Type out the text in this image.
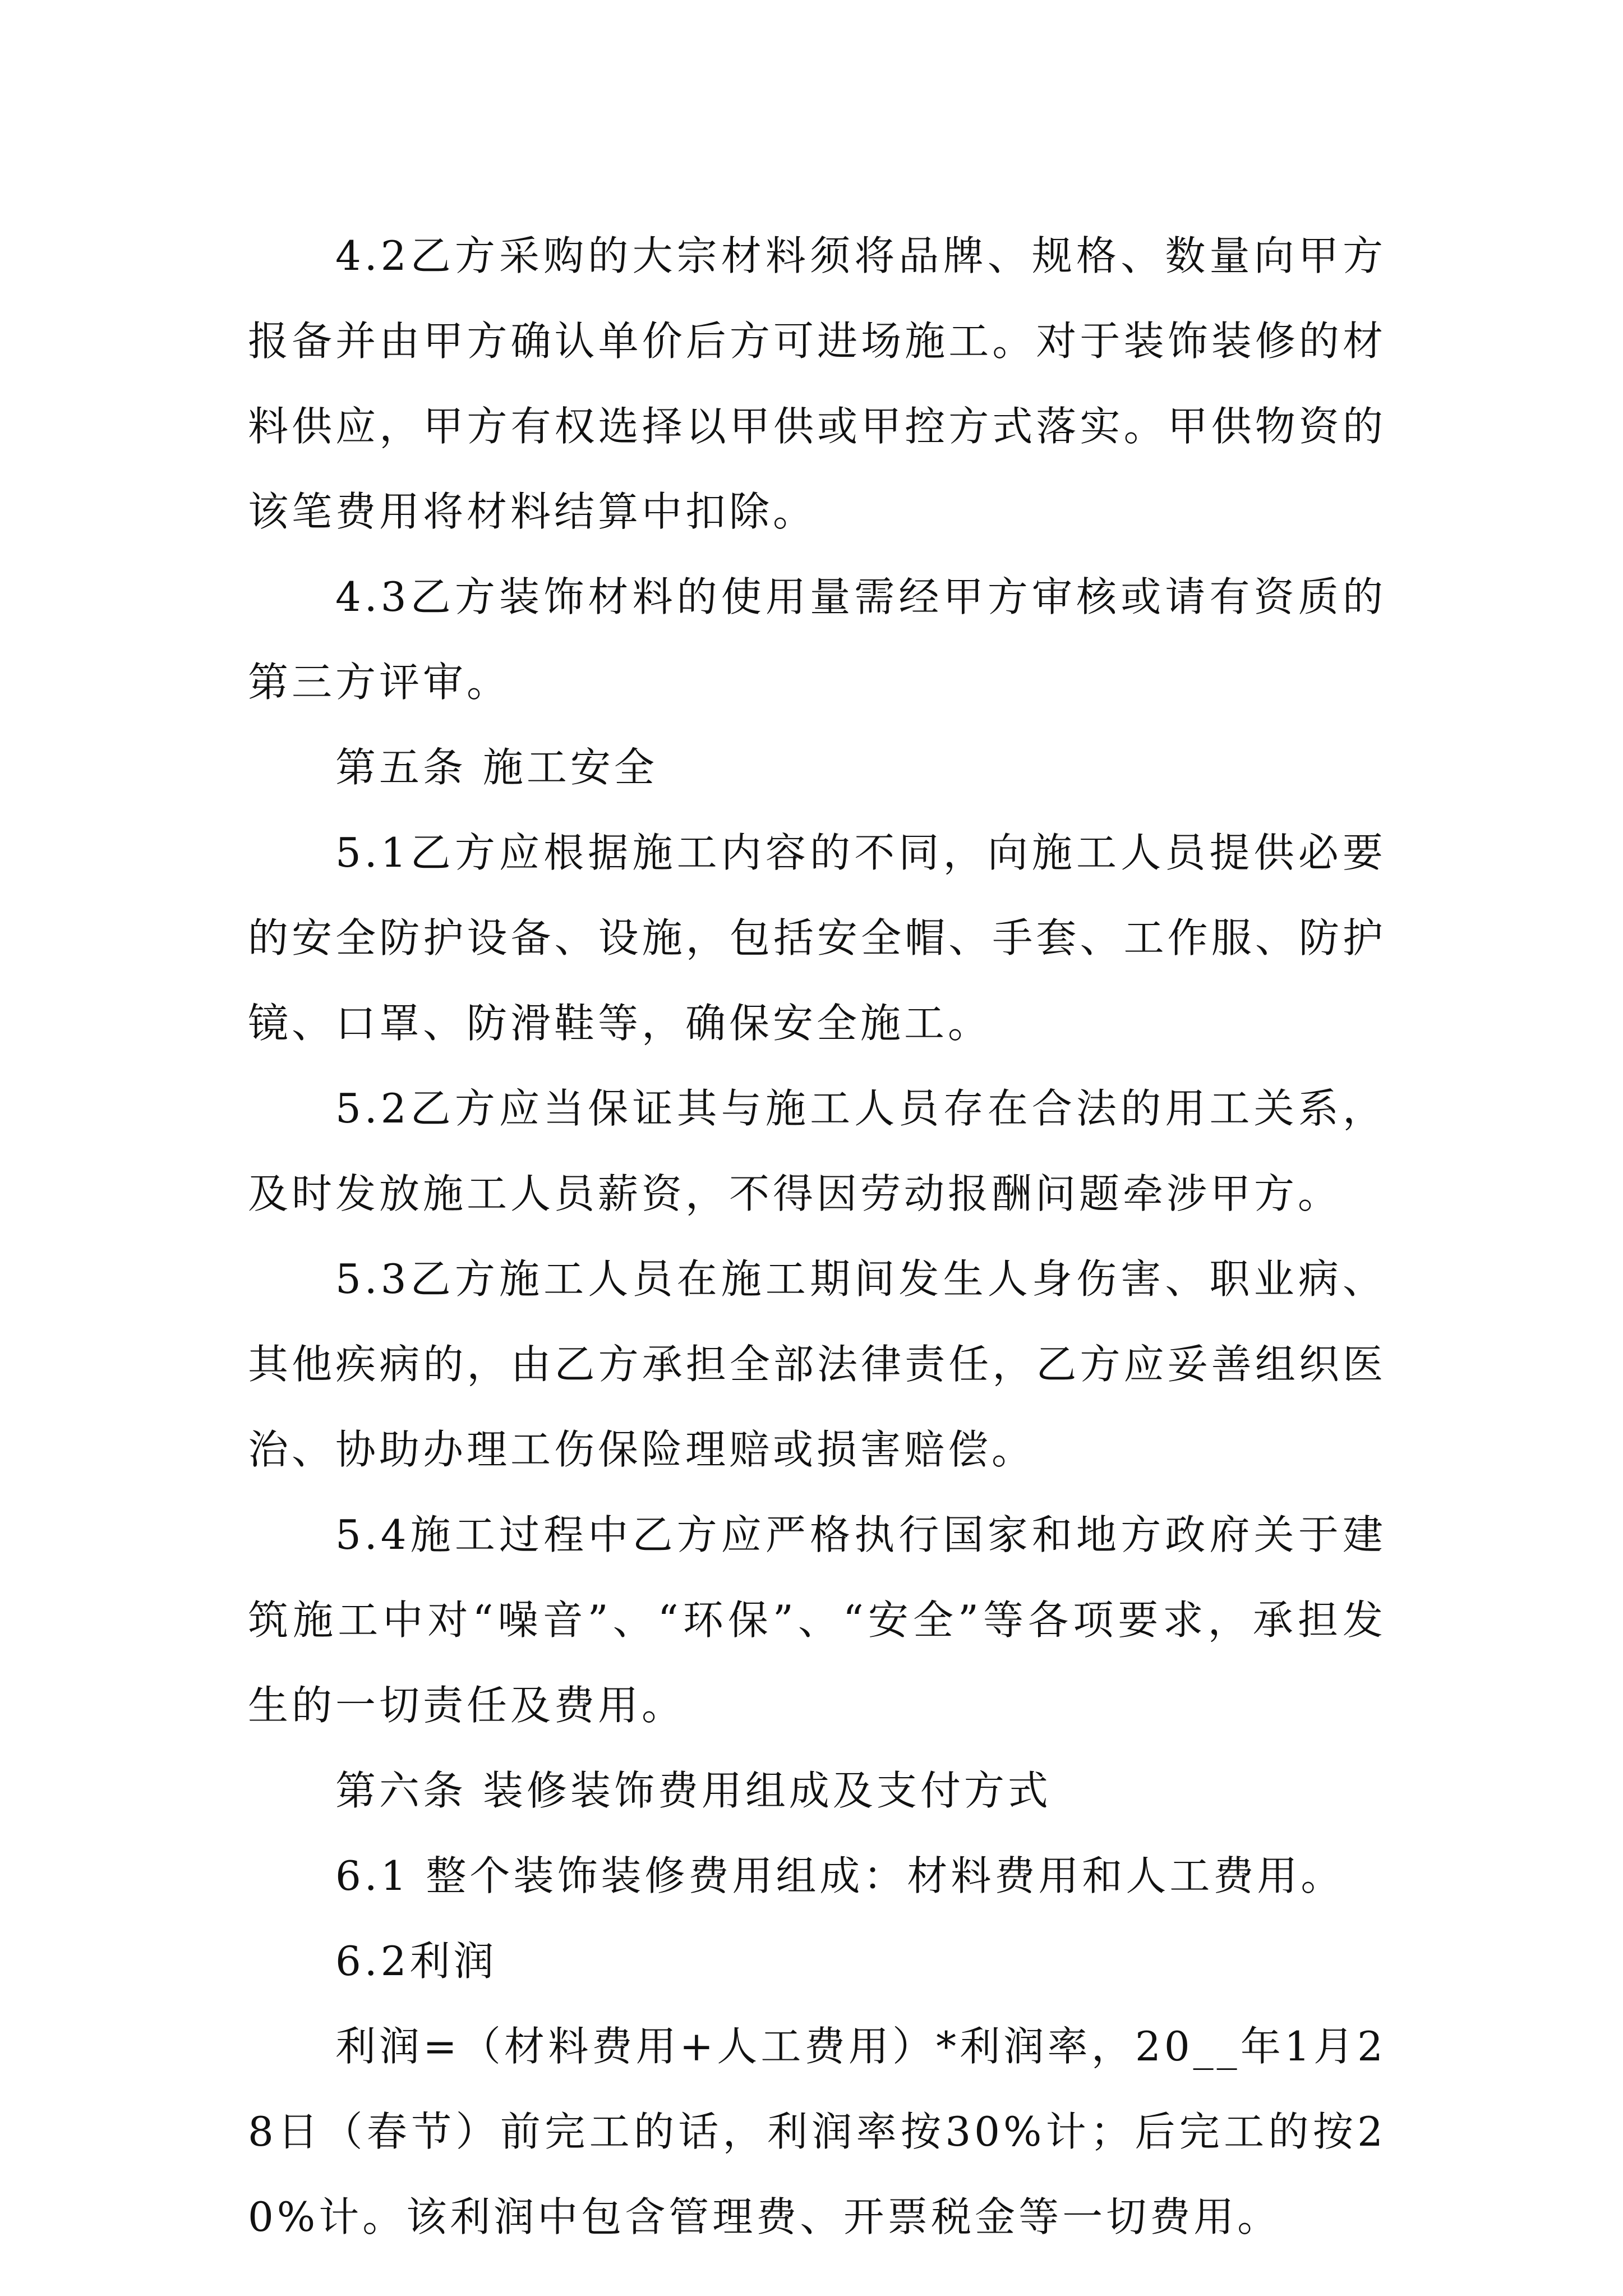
4.2乙方采购的大宗材料须将品牌、规格、数量向甲方报备并由甲方确认单价后方可进场施工。对于装饰装修的材料供应，甲方有权选择以甲供或甲控方式落实。甲供物资的该笔费用将材料结算中扣除。

4.3乙方装饰材料的使用量需经甲方审核或请有资质的第三方评审。

第五条 施工安全

5.1乙方应根据施工内容的不同，向施工人员提供必要的安全防护设备、设施，包括安全帽、手套、工作服、防护镜、口罩、防滑鞋等，确保安全施工。

5.2乙方应当保证其与施工人员存在合法的用工关系，及时发放施工人员薪资，不得因劳动报酬问题牵涉甲方。

5.3乙方施工人员在施工期间发生人身伤害、职业病、其他疾病的，由乙方承担全部法律责任，乙方应妥善组织医治、协助办理工伤保险理赔或损害赔偿。

5.4施工过程中乙方应严格执行国家和地方政府关于建筑施工中对“噪音”、“环保”、“安全”等各项要求，承担发生的一切责任及费用。

第六条 装修装饰费用组成及支付方式

6.1 整个装饰装修费用组成：材料费用和人工费用。

6.2利润

利润=（材料费用+人工费用）*利润率，20__年1月28日（春节）前完工的话，利润率按30%计；后完工的按20%计。该利润中包含管理费、开票税金等一切费用。
